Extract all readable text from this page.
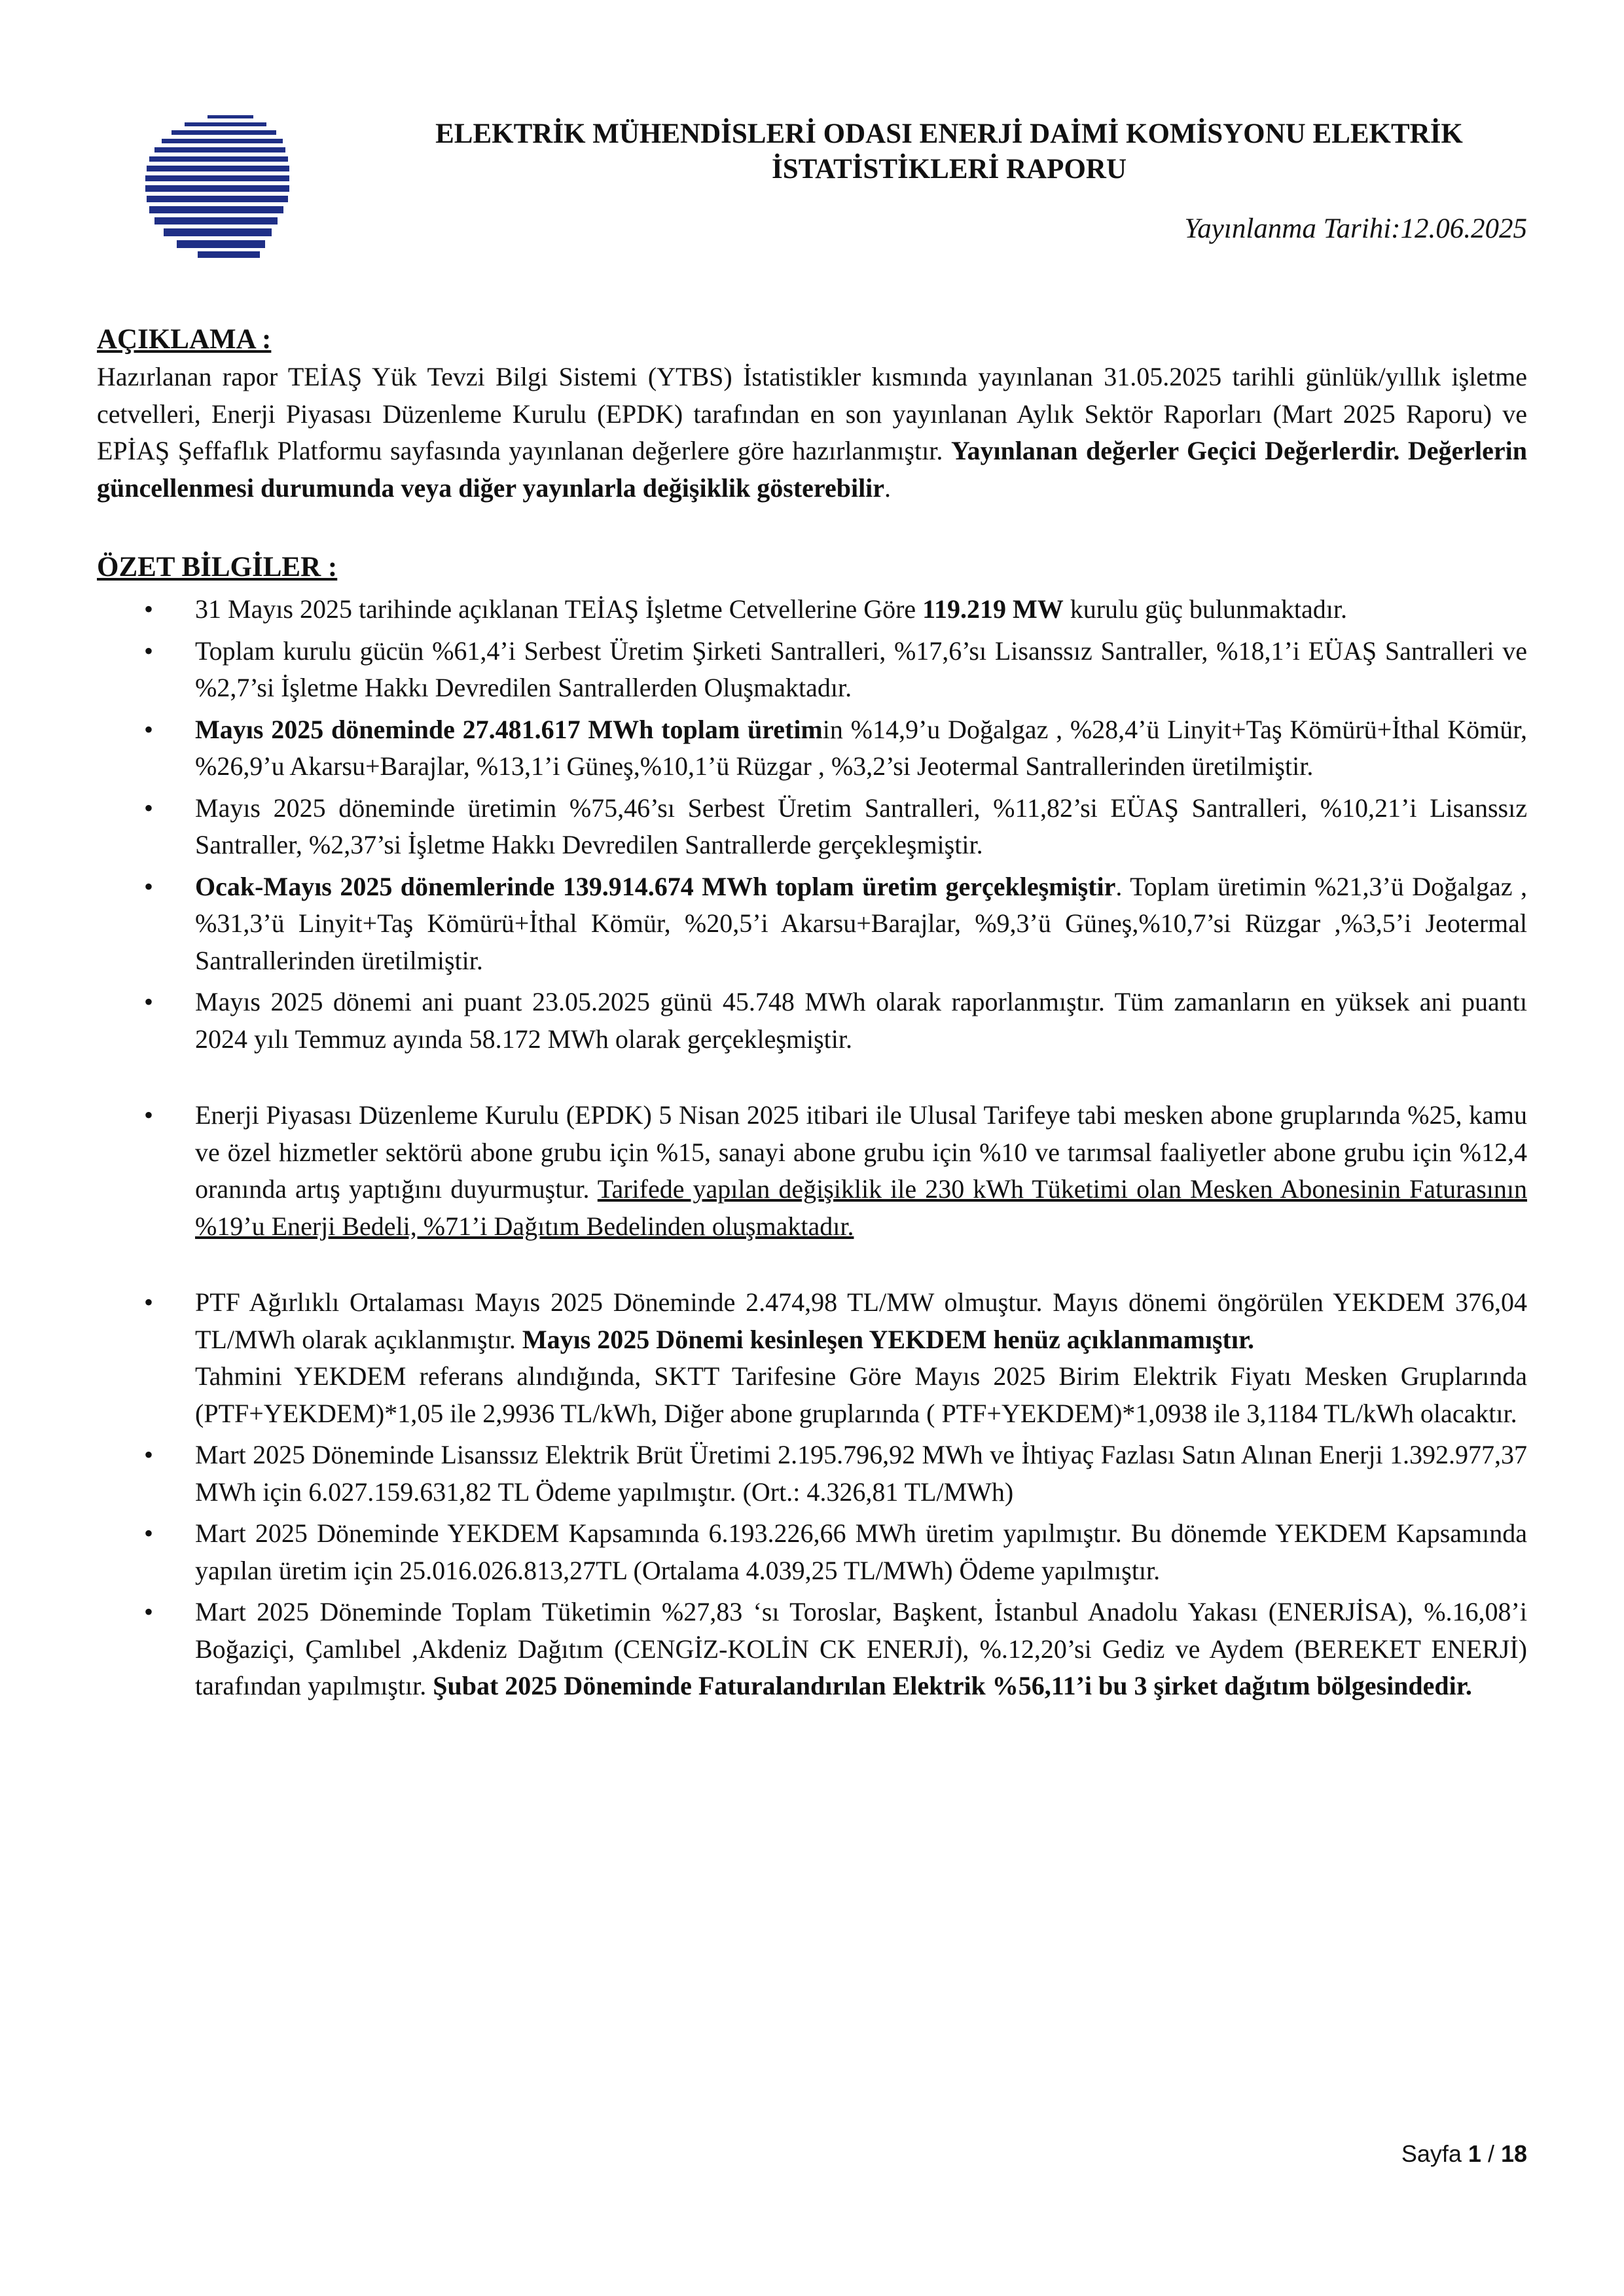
ELEKTRİK MÜHENDİSLERİ ODASI ENERJİ DAİMİ KOMİSYONU ELEKTRİK İSTATİSTİKLERİ RAPORU
Yayınlanma Tarihi:12.06.2025
AÇIKLAMA :

Hazırlanan rapor TEİAŞ Yük Tevzi Bilgi Sistemi (YTBS) İstatistikler kısmında yayınlanan 31.05.2025 tarihli günlük/yıllık işletme cetvelleri, Enerji Piyasası Düzenleme Kurulu (EPDK) tarafından en son yayınlanan Aylık Sektör Raporları (Mart 2025 Raporu) ve EPİAŞ Şeffaflık Platformu sayfasında yayınlanan değerlere göre hazırlanmıştır. Yayınlanan değerler Geçici Değerlerdir. Değerlerin güncellenmesi durumunda veya diğer yayınlarla değişiklik gösterebilir.

ÖZET BİLGİLER :
• 31 Mayıs 2025 tarihinde açıklanan TEİAŞ İşletme Cetvellerine Göre 119.219 MW kurulu güç bulunmaktadır.
• Toplam kurulu gücün %61,4’i Serbest Üretim Şirketi Santralleri, %17,6’sı Lisanssız Santraller, %18,1’i EÜAŞ Santralleri ve %2,7’si İşletme Hakkı Devredilen Santrallerden Oluşmaktadır.
• Mayıs 2025 döneminde 27.481.617 MWh toplam üretimin %14,9’u Doğalgaz , %28,4’ü Linyit+Taş Kömürü+İthal Kömür, %26,9’u Akarsu+Barajlar, %13,1’i Güneş,%10,1’ü Rüzgar , %3,2’si Jeotermal Santrallerinden üretilmiştir.
• Mayıs 2025 döneminde üretimin %75,46’sı Serbest Üretim Santralleri, %11,82’si EÜAŞ Santralleri, %10,21’i Lisanssız Santraller, %2,37’si İşletme Hakkı Devredilen Santrallerde gerçekleşmiştir.
• Ocak-Mayıs 2025 dönemlerinde 139.914.674 MWh toplam üretim gerçekleşmiştir. Toplam üretimin %21,3’ü Doğalgaz , %31,3’ü Linyit+Taş Kömürü+İthal Kömür, %20,5’i Akarsu+Barajlar, %9,3’ü Güneş,%10,7’si Rüzgar ,%3,5’i Jeotermal Santrallerinden üretilmiştir.
• Mayıs 2025 dönemi ani puant 23.05.2025 günü 45.748 MWh olarak raporlanmıştır. Tüm zamanların en yüksek ani puantı 2024 yılı Temmuz ayında 58.172 MWh olarak gerçekleşmiştir.
• Enerji Piyasası Düzenleme Kurulu (EPDK) 5 Nisan 2025 itibari ile Ulusal Tarifeye tabi mesken abone gruplarında %25, kamu ve özel hizmetler sektörü abone grubu için %15, sanayi abone grubu için %10 ve tarımsal faaliyetler abone grubu için %12,4 oranında artış yaptığını duyurmuştur. Tarifede yapılan değişiklik ile 230 kWh Tüketimi olan Mesken Abonesinin Faturasının %19’u Enerji Bedeli, %71’i Dağıtım Bedelinden oluşmaktadır.
• PTF Ağırlıklı Ortalaması Mayıs 2025 Döneminde 2.474,98 TL/MW olmuştur. Mayıs dönemi öngörülen YEKDEM 376,04 TL/MWh olarak açıklanmıştır. Mayıs 2025 Dönemi kesinleşen YEKDEM henüz açıklanmamıştır.
Tahmini YEKDEM referans alındığında, SKTT Tarifesine Göre Mayıs 2025 Birim Elektrik Fiyatı Mesken Gruplarında (PTF+YEKDEM)*1,05 ile 2,9936 TL/kWh, Diğer abone gruplarında ( PTF+YEKDEM)*1,0938 ile 3,1184 TL/kWh olacaktır.
• Mart 2025 Döneminde Lisanssız Elektrik Brüt Üretimi 2.195.796,92 MWh ve İhtiyaç Fazlası Satın Alınan Enerji 1.392.977,37 MWh için 6.027.159.631,82 TL Ödeme yapılmıştır. (Ort.: 4.326,81 TL/MWh)
• Mart 2025 Döneminde YEKDEM Kapsamında 6.193.226,66 MWh üretim yapılmıştır. Bu dönemde YEKDEM Kapsamında yapılan üretim için 25.016.026.813,27TL (Ortalama 4.039,25 TL/MWh) Ödeme yapılmıştır.
• Mart 2025 Döneminde Toplam Tüketimin %27,83 ‘sı Toroslar, Başkent, İstanbul Anadolu Yakası (ENERJİSA), %.16,08’i Boğaziçi, Çamlıbel ,Akdeniz Dağıtım (CENGİZ-KOLİN CK ENERJİ), %.12,20’si Gediz ve Aydem (BEREKET ENERJİ) tarafından yapılmıştır. Şubat 2025 Döneminde Faturalandırılan Elektrik %56,11’i bu 3 şirket dağıtım bölgesindedir.
Sayfa 1 / 18
